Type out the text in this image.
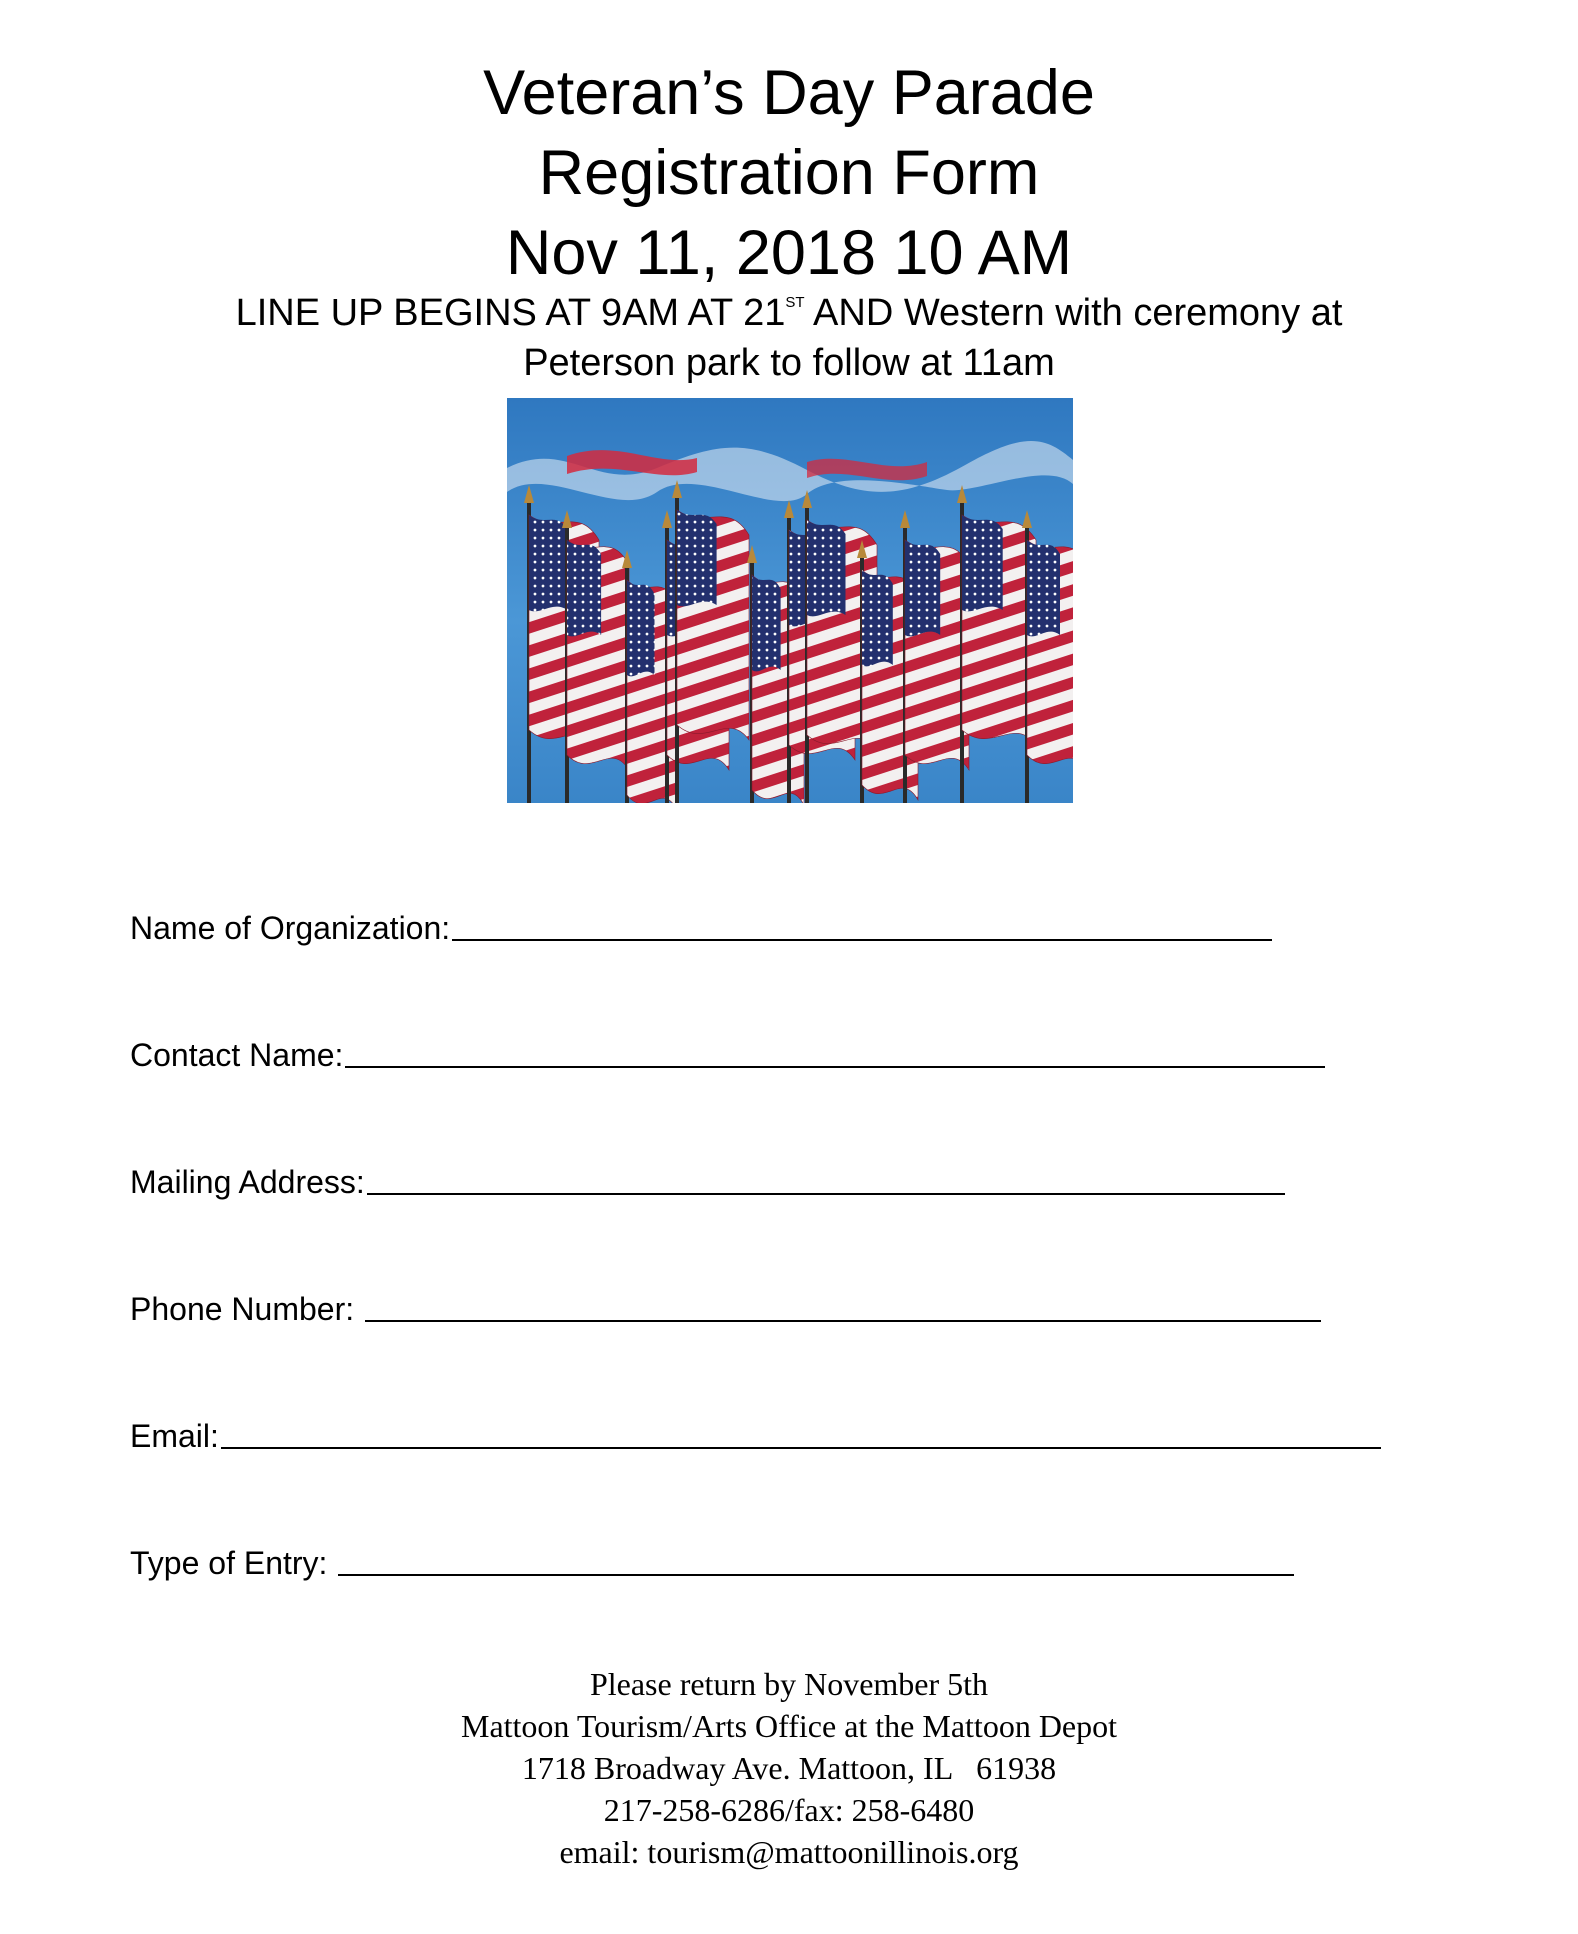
Veteran’s Day Parade
Registration Form
Nov 11, 2018 10 AM
LINE UP BEGINS AT 9AM AT 21ST AND Western with ceremony at
Peterson park to follow at 11am
Name of Organization:
Contact Name:
Mailing Address:
Phone Number:
Email:
Type of Entry:
Please return by November 5th
Mattoon Tourism/Arts Office at the Mattoon Depot
1718 Broadway Ave. Mattoon, IL   61938
217-258-6286/fax: 258-6480
email: tourism@mattoonillinois.org
